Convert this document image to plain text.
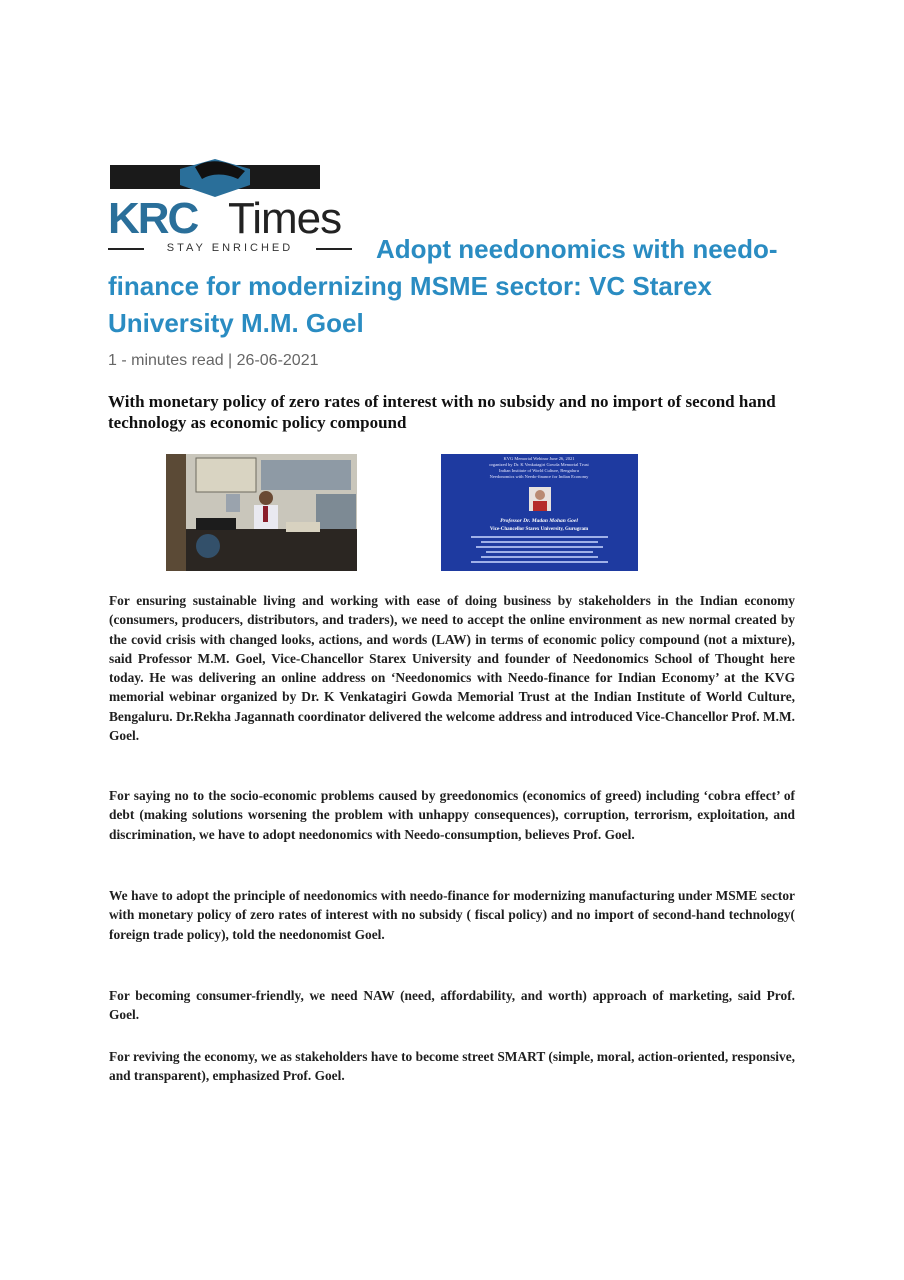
KRC Times
STAY ENRICHED	Adopt needonomics with needo-finance for modernizing MSME sector: VC Starex University M.M. Goel
1 - minutes read | 26-06-2021

With monetary policy of zero rates of interest with no subsidy and no import of second hand technology as economic policy compound

KVG Memorial Webinar June 26, 2021
organized by Dr. K Venkatagiri Gowda Memorial Trust
Indian Institute of World Culture, Bengaluru
Needonomics with Needo-finance for Indian Economy
Professor Dr. Madan Mohan Goel
Vice-Chancellor Starex University, Gurugram

For ensuring sustainable living and working with ease of doing business by stakeholders in the Indian economy (consumers, producers, distributors, and traders), we need to accept the online environment as new normal created by the covid crisis with changed looks, actions, and words (LAW) in terms of economic policy compound (not a mixture), said Professor M.M. Goel, Vice-Chancellor Starex University and founder of Needonomics School of Thought here today. He was delivering an online address on ‘Needonomics with Needo-finance for Indian Economy’ at the KVG memorial webinar organized by Dr. K Venkatagiri Gowda Memorial Trust at the Indian Institute of World Culture, Bengaluru. Dr.Rekha Jagannath coordinator delivered the welcome address and introduced Vice-Chancellor Prof. M.M. Goel.

For saying no to the socio-economic problems caused by greedonomics (economics of greed) including ‘cobra effect’ of debt (making solutions worsening the problem with unhappy consequences), corruption, terrorism, exploitation, and discrimination, we have to adopt needonomics with Needo-consumption, believes Prof. Goel.

We have to adopt the principle of needonomics with needo-finance for modernizing manufacturing under MSME sector with monetary policy of zero rates of interest with no subsidy ( fiscal policy) and no import of second-hand technology( foreign trade policy), told the needonomist Goel.

For becoming consumer-friendly, we need NAW (need, affordability, and worth) approach of marketing, said Prof. Goel.

For reviving the economy, we as stakeholders have to become street SMART (simple, moral, action-oriented, responsive, and transparent), emphasized Prof. Goel.
